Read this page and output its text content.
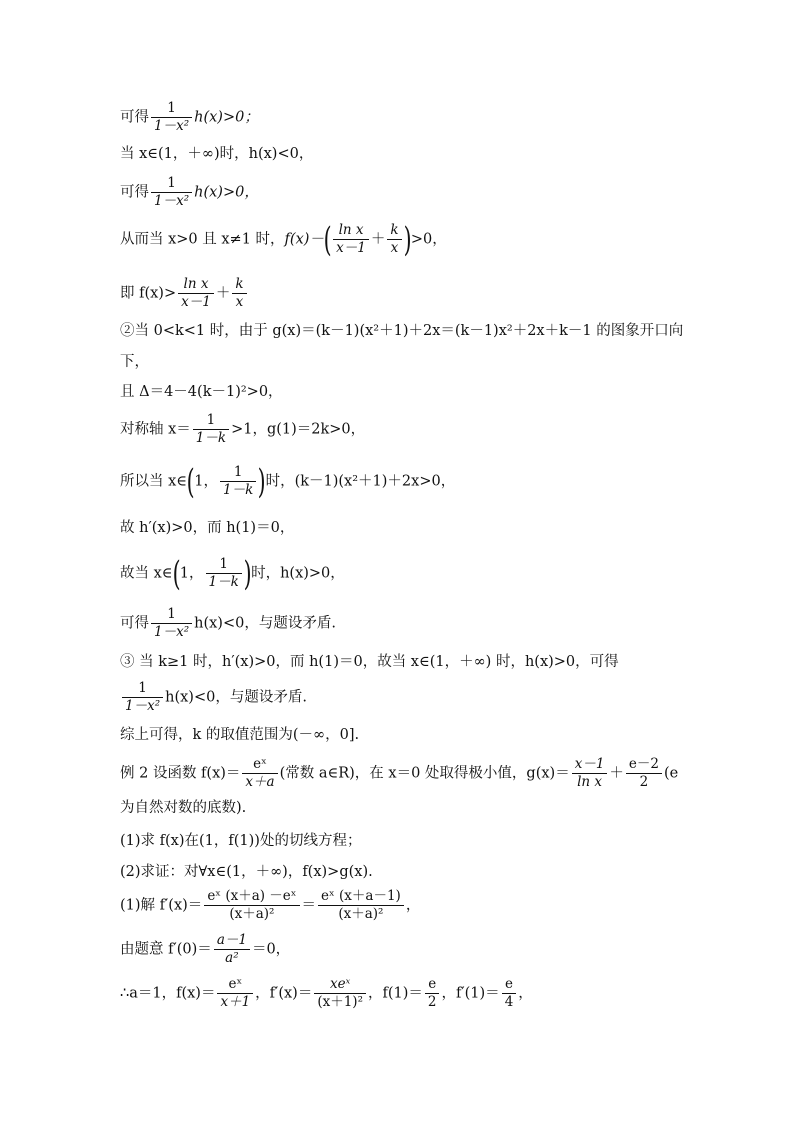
可得 $\frac{1}{\text{1－x²}} h(x)>0$；
当 x∈(1，＋∞)时，h(x)<0，
可得 $\frac{1}{\text{1－x²}} h(x)>0$，
从而当 x>0 且 x≠1 时，$f(x)-( \frac{\text{ln x}}{x-1} + \frac{k}{x} )>0$，
即 $f(x)> \frac{\text{ln x}}{x-1} + \frac{k}{x}$
②当 0<k<1 时，由于 g(x)＝(k－1)(x²＋1)＋2x＝(k－1)x²＋2x＋k－1 的图象开口向
下，
且 Δ＝4－4(k－1)²>0，
对称轴 $x= \frac{1}{1-k} >1$，g(1)＝2k>0，
所以当 x∈(1， $\frac{1}{1-k}$ )时，(k－1)(x²＋1)＋2x>0，
故 h′(x)>0，而 h(1)＝0，
故当 x∈(1， $\frac{1}{1-k}$ )时，h(x)>0，
可得 $\frac{1}{\text{1－x²}} h(x)<0$，与题设矛盾.
③ 当 k≥1 时，h′(x)>0，而 h(1)＝0，故当 x∈(1，＋∞) 时，h(x)>0，可得
$\frac{1}{\text{1－x²}} h(x)<0$，与题设矛盾.
综上可得，k 的取值范围为(－∞，0].
例 2 设函数 $f(x)= \frac{\text{eˣ}}{x+a}$ (常数 a∈R)，在 x＝0 处取得极小值，$g(x)= \frac{x-1}{\text{ln x}} + \frac{e-2}{2} (e$
为自然对数的底数).
(1)求 f(x)在(1，f(1))处的切线方程；
(2)求证：对∀x∈(1，＋∞)，f(x)>g(x).
(1)解 $f'(x)= \frac{\text{eˣ (x＋a) －eˣ}}{\text{(x＋a)²}} = \frac{\text{eˣ (x＋a－1)}}{\text{(x＋a)²}}$ ，
由题意 $f'(0)= \frac{a-1}{\text{a²}} =0$，
∴a＝1，$f(x)= \frac{\text{eˣ}}{x+1}$ ，$f'(x)= \frac{\text{xeˣ}}{\text{(x＋1)²}}$ ，$f(1)= \frac{e}{2}$ ，$f'(1)= \frac{e}{4}$ ，
